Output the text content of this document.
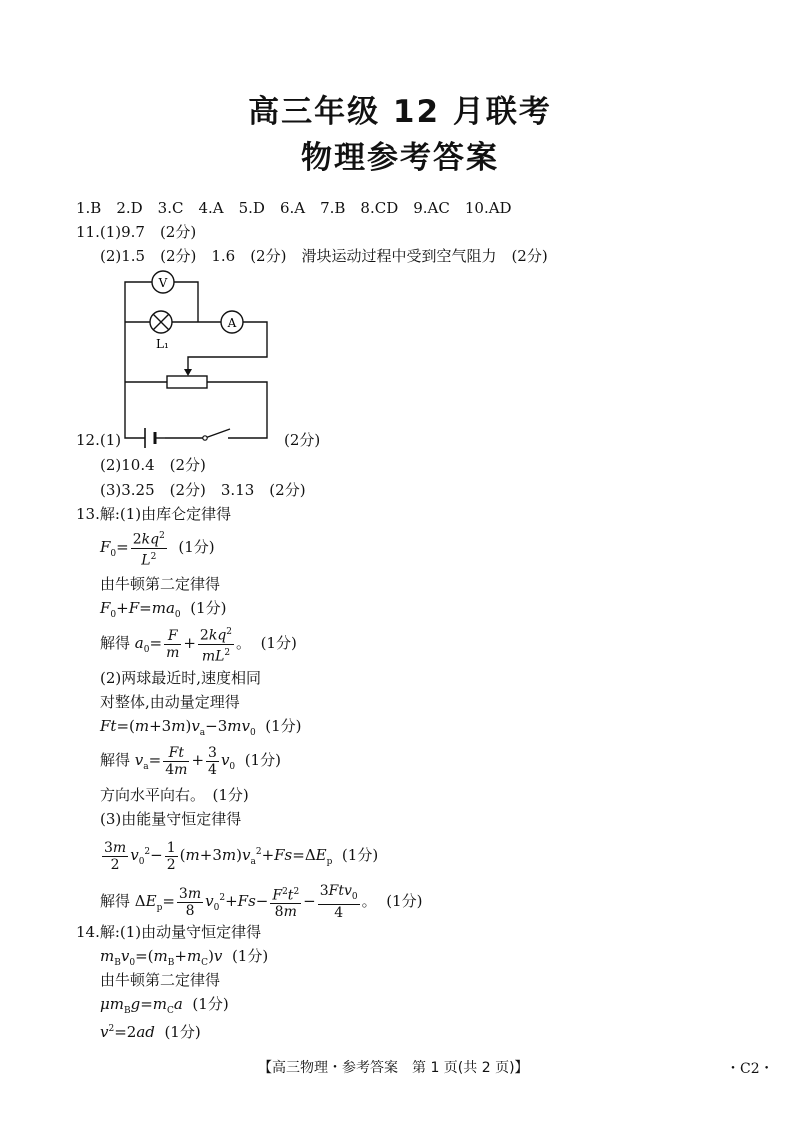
高三年级 12 月联考
物理参考答案
1.B　2.D　3.C　4.A　5.D　6.A　7.B　8.CD　9.AC　10.AD
11.(1)9.7　(2分)
(2)1.5　(2分)　1.6　(2分)　滑块运动过程中受到空气阻力　(2分)
V
L₁
A
12.(1)	(2分)
(2)10.4　(2分)
(3)3.25　(2分)　3.13　(2分)
13.解:(1)由库仑定律得
$F_0= \frac{2kq^2}{L^2} (1$分)
由牛顿第二定律得
$F_0+F=ma_0$ (1分)
解得 $a_0= \frac{F}{m} + \frac{2kq^2}{mL^2}$ 。  (1分)
(2)两球最近时,速度相同
对整体,由动量定理得
$Ft=(m+3m)v_a-3mv_0$ (1分)
解得 $v_a= \frac{Ft}{4m} + \frac{3}{4} v_0$ (1分)
方向水平向右。　(1分)
(3)由能量守恒定律得
$\frac{3m}{2} v_0^2- \frac{1}{2} (m+3m)v_a^2+Fs=\Delta E_p$ (1分)
解得 $\Delta E_p= \frac{3m}{8} v_0^2+Fs- \frac{F^2t^2}{8m} - \frac{3Ftv_0}{4}$ 。  (1分)
14.解:(1)由动量守恒定律得
$m_Bv_0=(m_B+m_C)v$ (1分)
由牛顿第二定律得
$\mu m_Bg=m_Ca$ (1分)
$v^2=2ad$ (1分)
【高三物理・参考答案　第 1 页(共 2 页)】	・C2・
